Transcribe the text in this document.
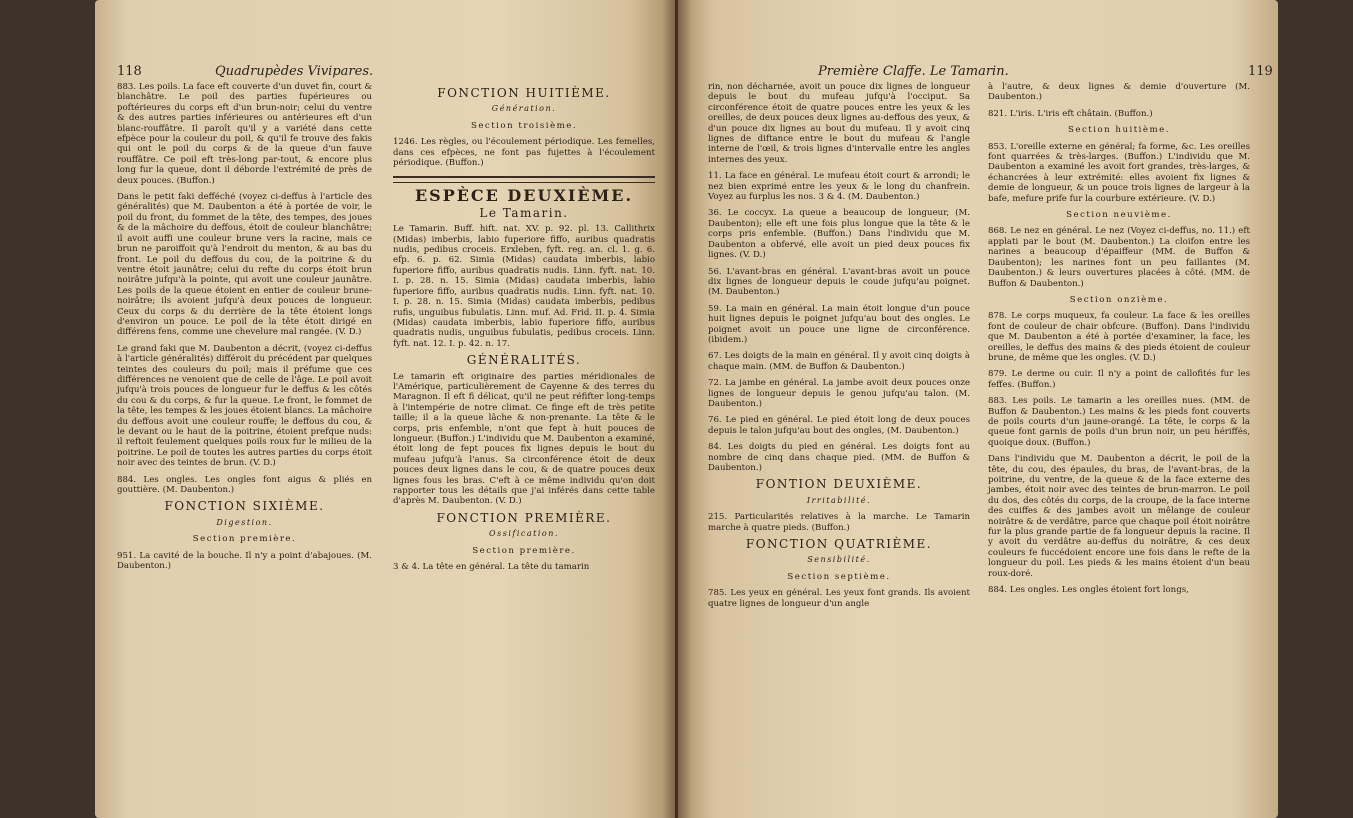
118	Quadrupèdes Vivipares.

883. Les poils. La face eft couverte d'un duvet fin, court & blanchâtre. Le poil des parties fupérieures ou poftérieures du corps eft d'un brun-noir; celui du ventre & des autres parties inférieures ou antérieures eft d'un blanc-rouffâtre. Il paroît qu'il y a variété dans cette efpèce pour la couleur du poil, & qu'il fe trouve des fakis qui ont le poil du corps & de la queue d'un fauve rouffâtre. Ce poil eft très-long par-tout, & encore plus long fur la queue, dont il déborde l'extrémité de près de deux pouces. (Buffon.)

Dans le petit faki defféché (voyez ci-deffus à l'article des généralités) que M. Daubenton a été à portée de voir, le poil du front, du fommet de la tête, des tempes, des joues & de la mâchoire du deffous, étoit de couleur blanchâtre; il avoit auffi une couleur brune vers la racine, mais ce brun ne paroiffoit qu'à l'endroit du menton, & au bas du front. Le poil du deffous du cou, de la poitrine & du ventre étoit jaunâtre; celui du refte du corps étoit brun noirâtre jufqu'à la pointe, qui avoit une couleur jaunâtre. Les poils de la queue étoient en entier de couleur brune-noirâtre; ils avoient jufqu'à deux pouces de longueur. Ceux du corps & du derrière de la tête étoient longs d'environ un pouce. Le poil de la tête étoit dirigé en différens fens, comme une chevelure mal rangée. (V. D.)

Le grand faki que M. Daubenton a décrit, (voyez ci-deffus à l'article généralités) différoit du précédent par quelques teintes des couleurs du poil; mais il préfume que ces différences ne venoient que de celle de l'âge. Le poil avoit jufqu'à trois pouces de longueur fur le deffus & les côtés du cou & du corps, & fur la queue. Le front, le fommet de la tête, les tempes & les joues étoient blancs. La mâchoire du deffous avoit une couleur rouffe; le deffous du cou, & le devant ou le haut de la poitrine, étoient prefque nuds: il reftoit feulement quelques poils roux fur le milieu de la poitrine. Le poil de toutes les autres parties du corps étoit noir avec des teintes de brun. (V. D.)

884. Les ongles. Les ongles font aigus & pliés en gouttière. (M. Daubenton.)

FONCTION SIXIÈME.
Digestion.
Section première.

951. La cavité de la bouche. Il n'y a point d'abajoues. (M. Daubenton.)

FONCTION HUITIÈME.
Génération.
Section troisième.

1246. Les règles, ou l'écoulement périodique. Les femelles, dans ces efpèces, ne font pas fujettes à l'écoulement périodique. (Buffon.)

ESPÈCE DEUXIÈME.
Le Tamarin.

Le Tamarin. Buff. hift. nat. XV. p. 92. pl. 13. Callithrix (Midas) imberbis, labio fuperiore fiffo, auribus quadratis nudis, pedibus croceis. Erxleben, fyft. reg. an. cl. 1. g. 6. efp. 6. p. 62. Simia (Midas) caudata imberbis, labio fuperiore fiffo, auribus quadratis nudis. Linn. fyft. nat. 10. I. p. 28. n. 15. Simia (Midas) caudata imberbis, labio fuperiore fiffo, auribus quadratis nudis. Linn. fyft. nat. 10. I. p. 28. n. 15. Simia (Midas) caudata imberbis, pedibus rufis, unguibus fubulatis. Linn. muf. Ad. Frid. II. p. 4. Simia (Midas) caudata imberbis, labio fuperiore fiffo, auribus quadratis nudis, unguibus fubulatis, pedibus croceis. Linn. fyft. nat. 12. I. p. 42. n. 17.

GÉNÉRALITÉS.

Le tamarin eft originaire des parties méridionales de l'Amérique, particulièrement de Cayenne & des terres du Maragnon. Il eft fi délicat, qu'il ne peut réfifter long-temps à l'intempérie de notre climat. Ce finge eft de très petite taille; il a la queue lâche & non-prenante. La tête & le corps, pris enfemble, n'ont que fept à huit pouces de longueur. (Buffon.) L'individu que M. Daubenton a examiné, étoit long de fept pouces fix lignes depuis le bout du mufeau jufqu'à l'anus. Sa circonférence étoit de deux pouces deux lignes dans le cou, & de quatre pouces deux lignes fous les bras. C'eft à ce même individu qu'on doit rapporter tous les détails que j'ai inférés dans cette table d'après M. Daubenton. (V. D.)

FONCTION PREMIÈRE.
Ossification.
Section première.

3 & 4. La tête en général. La tête du tamarin

Première Claffe. Le Tamarin.	119

rin, non décharnée, avoit un pouce dix lignes de longueur depuis le bout du mufeau jufqu'à l'occiput. Sa circonférence étoit de quatre pouces entre les yeux & les oreilles, de deux pouces deux lignes au-deffous des yeux, & d'un pouce dix lignes au bout du mufeau. Il y avoit cinq lignes de diftance entre le bout du mufeau & l'angle interne de l'œil, & trois lignes d'intervalle entre les angles internes des yeux.

11. La face en général. Le mufeau étoit court & arrondi; le nez bien exprimé entre les yeux & le long du chanfrein. Voyez au furplus les nos. 3 & 4. (M. Daubenton.)

36. Le coccyx. La queue a beaucoup de longueur, (M. Daubenton); elle eft une fois plus longue que la tête & le corps pris enfemble. (Buffon.) Dans l'individu que M. Daubenton a obfervé, elle avoit un pied deux pouces fix lignes. (V. D.)

56. L'avant-bras en général. L'avant-bras avoit un pouce dix lignes de longueur depuis le coude jufqu'au poignet. (M. Daubenton.)

59. La main en général. La main étoit longue d'un pouce huit lignes depuis le poignet jufqu'au bout des ongles. Le poignet avoit un pouce une ligne de circonférence. (ibidem.)

67. Les doigts de la main en général. Il y avoit cinq doigts à chaque main. (MM. de Buffon & Daubenton.)

72. La jambe en général. La jambe avoit deux pouces onze lignes de longueur depuis le genou jufqu'au talon. (M. Daubenton.)

76. Le pied en général. Le pied étoit long de deux pouces depuis le talon jufqu'au bout des ongles, (M. Daubenton.)

84. Les doigts du pied en général. Les doigts font au nombre de cinq dans chaque pied. (MM. de Buffon & Daubenton.)

FONTION DEUXIÈME.
Irritabilité.

215. Particularités relatives à la marche. Le Tamarin marche à quatre pieds. (Buffon.)

FONCTION QUATRIÈME.
Sensibilité.
Section septième.

785. Les yeux en général. Les yeux font grands. Ils avoient quatre lignes de longueur d'un angle

à l'autre, & deux lignes & demie d'ouverture (M. Daubenton.)

821. L'iris. L'iris eft châtain. (Buffon.)

Section huitième.

853. L'oreille externe en général; fa forme, &c. Les oreilles font quarrées & très-larges. (Buffon.) L'individu que M. Daubenton a examiné les avoit fort grandes, très-larges, & échancrées à leur extrémité: elles avoient fix lignes & demie de longueur, & un pouce trois lignes de largeur à la bafe, mefure prife fur la courbure extérieure. (V. D.)

Section neuvième.

868. Le nez en général. Le nez (Voyez ci-deffus, no. 11.) eft applati par le bout (M. Daubenton.) La cloifon entre les narines a beaucoup d'épaiffeur (MM. de Buffon & Daubenton); les narines font un peu faillantes (M. Daubenton.) & leurs ouvertures placées à côté. (MM. de Buffon & Daubenton.)

Section onzième.

878. Le corps muqueux, fa couleur. La face & les oreilles font de couleur de chair obfcure. (Buffon). Dans l'individu que M. Daubenton a été à portée d'examiner, la face, les oreilles, le deffus des mains & des pieds étoient de couleur brune, de même que les ongles. (V. D.)

879. Le derme ou cuir. Il n'y a point de callofités fur les feffes. (Buffon.)

883. Les poils. Le tamarin a les oreilles nues. (MM. de Buffon & Daubenton.) Les mains & les pieds font couverts de poils courts d'un jaune-orangé. La tête, le corps & la queue font garnis de poils d'un brun noir, un peu hériffés, quoique doux. (Buffon.)

Dans l'individu que M. Daubenton a décrit, le poil de la tête, du cou, des épaules, du bras, de l'avant-bras, de la poitrine, du ventre, de la queue & de la face externe des jambes, étoit noir avec des teintes de brun-marron. Le poil du dos, des côtés du corps, de la croupe, de la face interne des cuiffes & des jambes avoit un mêlange de couleur noirâtre & de verdâtre, parce que chaque poil étoit noirâtre fur la plus grande partie de fa longueur depuis la racine. Il y avoit du verdâtre au-deffus du noirâtre, & ces deux couleurs fe fuccédoient encore une fois dans le refte de la longueur du poil. Les pieds & les mains étoient d'un beau roux-doré.

884. Les ongles. Les ongles étoient fort longs,
